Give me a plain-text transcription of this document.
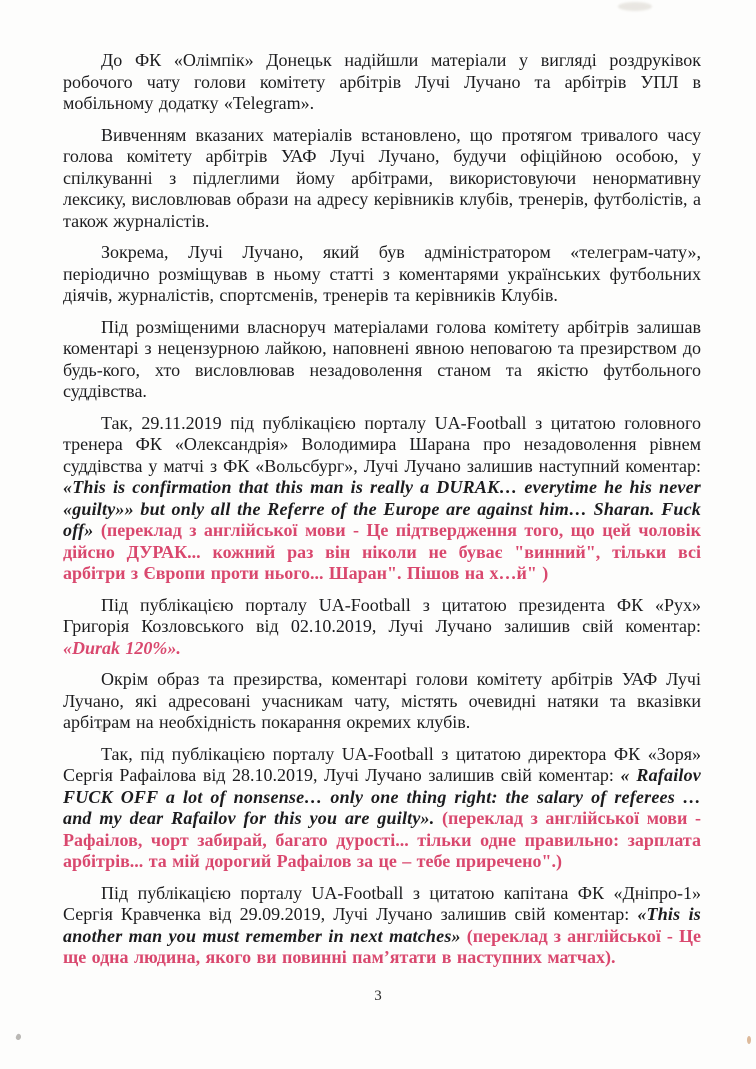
До ФК «Олімпік» Донецьк надійшли матеріали у вигляді роздруківок робочого чату голови комітету арбітрів Лучі Лучано та арбітрів УПЛ в мобільному додатку «Telegram».

Вивченням вказаних матеріалів встановлено, що протягом тривалого часу голова комітету арбітрів УАФ Лучі Лучано, будучи офіційною особою, у спілкуванні з підлеглими йому арбітрами, використовуючи ненормативну лексику, висловлював образи на адресу керівників клубів, тренерів, футболістів, а також журналістів.

Зокрема, Лучі Лучано, який був адміністратором «телеграм-чату», періодично розміщував в ньому статті з коментарями українських футбольних діячів, журналістів, спортсменів, тренерів та керівників Клубів.

Під розміщеними власноруч матеріалами голова комітету арбітрів залишав коментарі з нецензурною лайкою, наповнені явною неповагою та презирством до будь-кого, хто висловлював незадоволення станом та якістю футбольного суддівства.

Так, 29.11.2019 під публікацією порталу UA-Football з цитатою головного тренера ФК «Олександрія» Володимира Шарана про незадоволення рівнем суддівства у матчі з ФК «Вольсбург», Лучі Лучано залишив наступний коментар: «This is confirmation that this man is really a DURAK… everytime he his never «guilty»» but only all the Referre of the Europe are against him… Sharan. Fuck off» (переклад з англійської мови - Це підтвердження того, що цей чоловік дійсно ДУРАК... кожний раз він ніколи не буває "винний", тільки всі арбітри з Європи проти нього... Шаран". Пішов на х…й" )

Під публікацією порталу UA-Football з цитатою президента ФК «Рух» Григорія Козловського від 02.10.2019, Лучі Лучано залишив свій коментар: «Durak 120%».

Окрім образ та презирства, коментарі голови комітету арбітрів УАФ Лучі Лучано, які адресовані учасникам чату, містять очевидні натяки та вказівки арбітрам на необхідність покарання окремих клубів.

Так, під публікацією порталу UA-Football з цитатою директора ФК «Зоря» Сергія Рафаілова від 28.10.2019, Лучі Лучано залишив свій коментар: « Rafailov FUCK OFF a lot of nonsense… only one thing right: the salary of referees … and my dear Rafailov for this you are guilty». (переклад з англійської мови - Рафаілов, чорт забирай, багато дурості... тільки одне правильно: зарплата арбітрів... та мій дорогий Рафаілов за це – тебе приречено".)

Під публікацією порталу UA-Football з цитатою капітана ФК «Дніпро-1» Сергія Кравченка від 29.09.2019, Лучі Лучано залишив свій коментар: «This is another man you must remember in next matches» (переклад з англійської - Це ще одна людина, якого ви повинні пам’ятати в наступних матчах).

3
